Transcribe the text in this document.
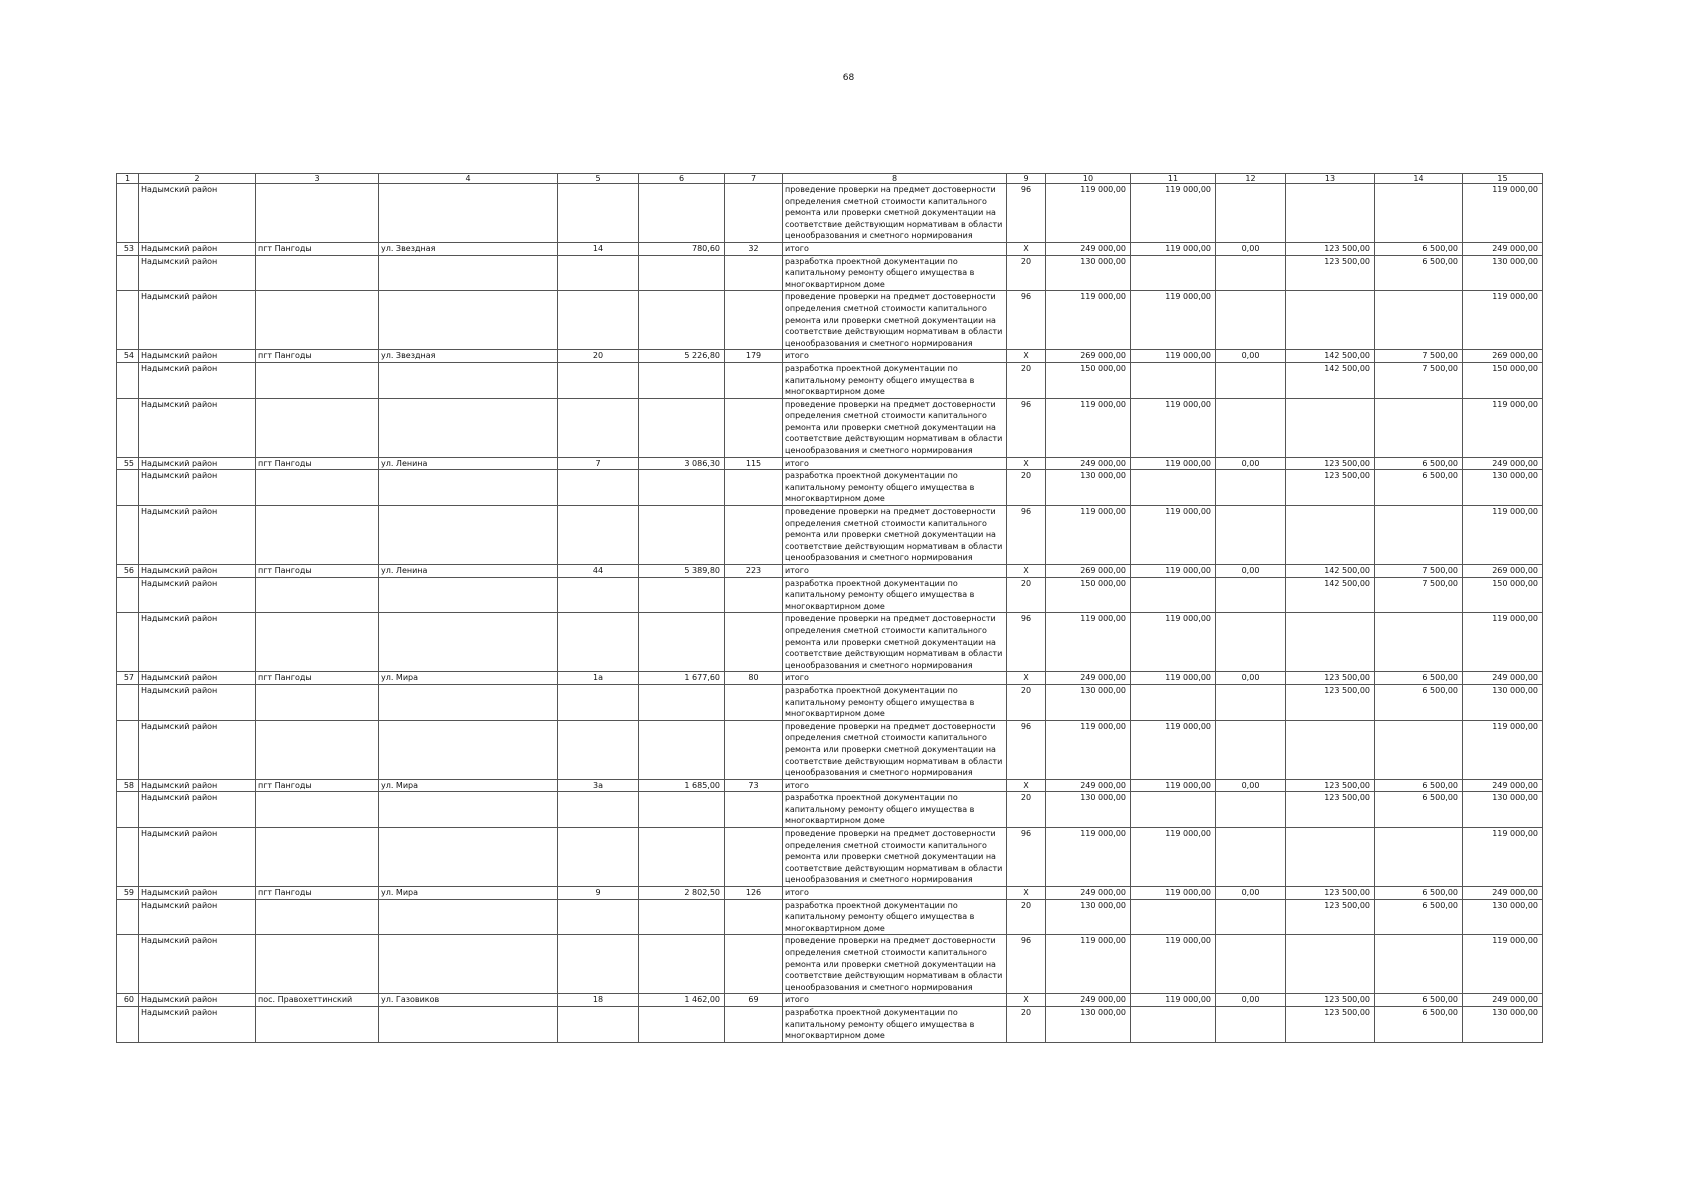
68
1	2	3	4	5	6	7	8	9	10	11	12	13	14	15
	Надымский район						проведение проверки на предмет достоверности определения сметной стоимости капитального ремонта или проверки сметной документации на соответствие действующим нормативам в области ценообразования и сметного нормирования	96	119 000,00	119 000,00				119 000,00
53	Надымский район	пгт Пангоды	ул. Звездная	14	780,60	32	итого	X	249 000,00	119 000,00	0,00	123 500,00	6 500,00	249 000,00
	Надымский район						разработка проектной документации по капитальному ремонту общего имущества в многоквартирном доме	20	130 000,00			123 500,00	6 500,00	130 000,00
	Надымский район						проведение проверки на предмет достоверности определения сметной стоимости капитального ремонта или проверки сметной документации на соответствие действующим нормативам в области ценообразования и сметного нормирования	96	119 000,00	119 000,00				119 000,00
54	Надымский район	пгт Пангоды	ул. Звездная	20	5 226,80	179	итого	X	269 000,00	119 000,00	0,00	142 500,00	7 500,00	269 000,00
	Надымский район						разработка проектной документации по капитальному ремонту общего имущества в многоквартирном доме	20	150 000,00			142 500,00	7 500,00	150 000,00
	Надымский район						проведение проверки на предмет достоверности определения сметной стоимости капитального ремонта или проверки сметной документации на соответствие действующим нормативам в области ценообразования и сметного нормирования	96	119 000,00	119 000,00				119 000,00
55	Надымский район	пгт Пангоды	ул. Ленина	7	3 086,30	115	итого	X	249 000,00	119 000,00	0,00	123 500,00	6 500,00	249 000,00
	Надымский район						разработка проектной документации по капитальному ремонту общего имущества в многоквартирном доме	20	130 000,00			123 500,00	6 500,00	130 000,00
	Надымский район						проведение проверки на предмет достоверности определения сметной стоимости капитального ремонта или проверки сметной документации на соответствие действующим нормативам в области ценообразования и сметного нормирования	96	119 000,00	119 000,00				119 000,00
56	Надымский район	пгт Пангоды	ул. Ленина	44	5 389,80	223	итого	X	269 000,00	119 000,00	0,00	142 500,00	7 500,00	269 000,00
	Надымский район						разработка проектной документации по капитальному ремонту общего имущества в многоквартирном доме	20	150 000,00			142 500,00	7 500,00	150 000,00
	Надымский район						проведение проверки на предмет достоверности определения сметной стоимости капитального ремонта или проверки сметной документации на соответствие действующим нормативам в области ценообразования и сметного нормирования	96	119 000,00	119 000,00				119 000,00
57	Надымский район	пгт Пангоды	ул. Мира	1а	1 677,60	80	итого	X	249 000,00	119 000,00	0,00	123 500,00	6 500,00	249 000,00
	Надымский район						разработка проектной документации по капитальному ремонту общего имущества в многоквартирном доме	20	130 000,00			123 500,00	6 500,00	130 000,00
	Надымский район						проведение проверки на предмет достоверности определения сметной стоимости капитального ремонта или проверки сметной документации на соответствие действующим нормативам в области ценообразования и сметного нормирования	96	119 000,00	119 000,00				119 000,00
58	Надымский район	пгт Пангоды	ул. Мира	3а	1 685,00	73	итого	X	249 000,00	119 000,00	0,00	123 500,00	6 500,00	249 000,00
	Надымский район						разработка проектной документации по капитальному ремонту общего имущества в многоквартирном доме	20	130 000,00			123 500,00	6 500,00	130 000,00
	Надымский район						проведение проверки на предмет достоверности определения сметной стоимости капитального ремонта или проверки сметной документации на соответствие действующим нормативам в области ценообразования и сметного нормирования	96	119 000,00	119 000,00				119 000,00
59	Надымский район	пгт Пангоды	ул. Мира	9	2 802,50	126	итого	X	249 000,00	119 000,00	0,00	123 500,00	6 500,00	249 000,00
	Надымский район						разработка проектной документации по капитальному ремонту общего имущества в многоквартирном доме	20	130 000,00			123 500,00	6 500,00	130 000,00
	Надымский район						проведение проверки на предмет достоверности определения сметной стоимости капитального ремонта или проверки сметной документации на соответствие действующим нормативам в области ценообразования и сметного нормирования	96	119 000,00	119 000,00				119 000,00
60	Надымский район	пос. Правохеттинский	ул. Газовиков	18	1 462,00	69	итого	X	249 000,00	119 000,00	0,00	123 500,00	6 500,00	249 000,00
	Надымский район						разработка проектной документации по капитальному ремонту общего имущества в многоквартирном доме	20	130 000,00			123 500,00	6 500,00	130 000,00
